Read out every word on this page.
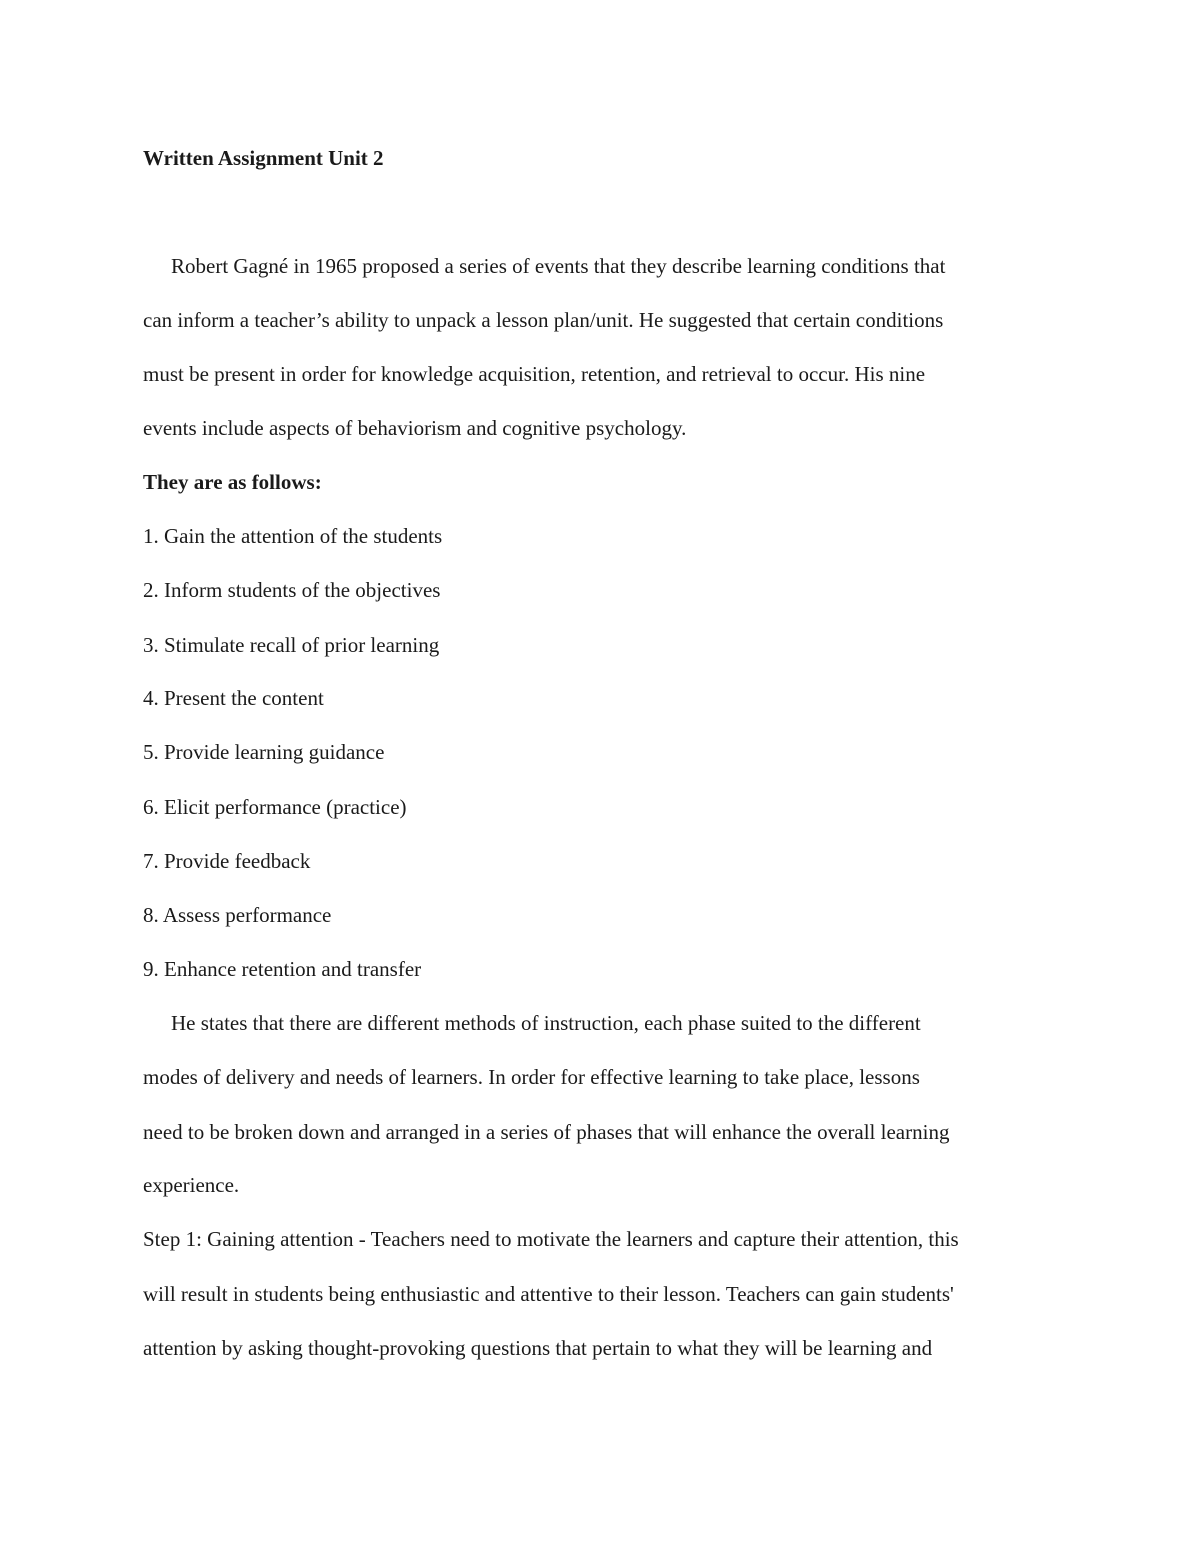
Written Assignment Unit 2
Robert Gagné in 1965 proposed a series of events that they describe learning conditions that
can inform a teacher’s ability to unpack a lesson plan/unit. He suggested that certain conditions
must be present in order for knowledge acquisition, retention, and retrieval to occur. His nine
events include aspects of behaviorism and cognitive psychology.
They are as follows:
1. Gain the attention of the students
2. Inform students of the objectives
3. Stimulate recall of prior learning
4. Present the content
5. Provide learning guidance
6. Elicit performance (practice)
7. Provide feedback
8. Assess performance
9. Enhance retention and transfer
He states that there are different methods of instruction, each phase suited to the different
modes of delivery and needs of learners. In order for effective learning to take place, lessons
need to be broken down and arranged in a series of phases that will enhance the overall learning
experience.
Step 1: Gaining attention - Teachers need to motivate the learners and capture their attention, this
will result in students being enthusiastic and attentive to their lesson. Teachers can gain students'
attention by asking thought-provoking questions that pertain to what they will be learning and
